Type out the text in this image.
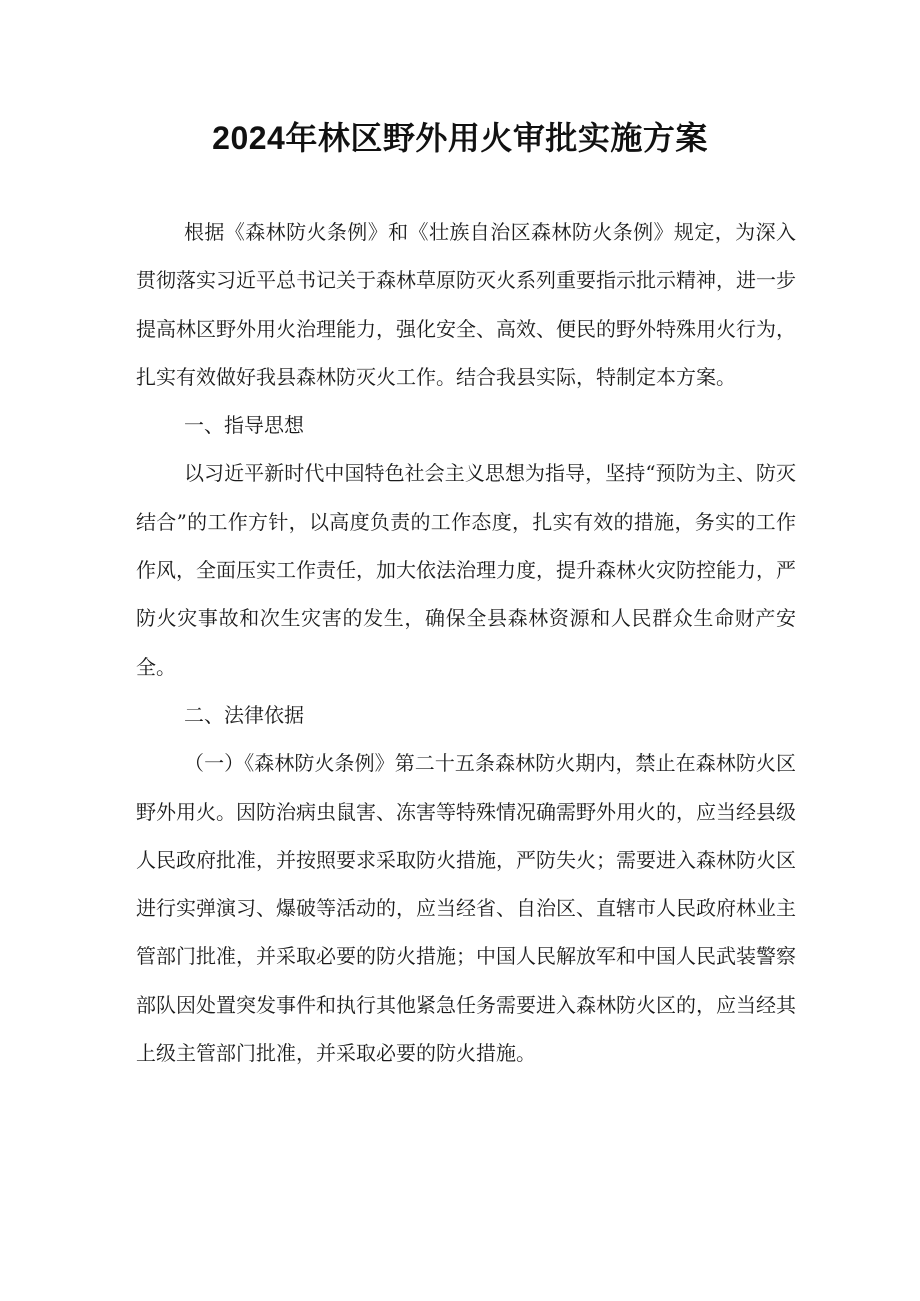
2024年林区野外用火审批实施方案

根据《森林防火条例》和《壮族自治区森林防火条例》规定，为深入贯彻落实习近平总书记关于森林草原防灭火系列重要指示批示精神，进一步提高林区野外用火治理能力，强化安全、高效、便民的野外特殊用火行为，扎实有效做好我县森林防灭火工作。结合我县实际，特制定本方案。

一、指导思想

以习近平新时代中国特色社会主义思想为指导，坚持“预防为主、防灭结合”的工作方针，以高度负责的工作态度，扎实有效的措施，务实的工作作风，全面压实工作责任，加大依法治理力度，提升森林火灾防控能力，严防火灾事故和次生灾害的发生，确保全县森林资源和人民群众生命财产安全。

二、法律依据

（一）《森林防火条例》第二十五条森林防火期内，禁止在森林防火区野外用火。因防治病虫鼠害、冻害等特殊情况确需野外用火的，应当经县级人民政府批准，并按照要求采取防火措施，严防失火；需要进入森林防火区进行实弹演习、爆破等活动的，应当经省、自治区、直辖市人民政府林业主管部门批准，并采取必要的防火措施；中国人民解放军和中国人民武装警察部队因处置突发事件和执行其他紧急任务需要进入森林防火区的，应当经其上级主管部门批准，并采取必要的防火措施。
